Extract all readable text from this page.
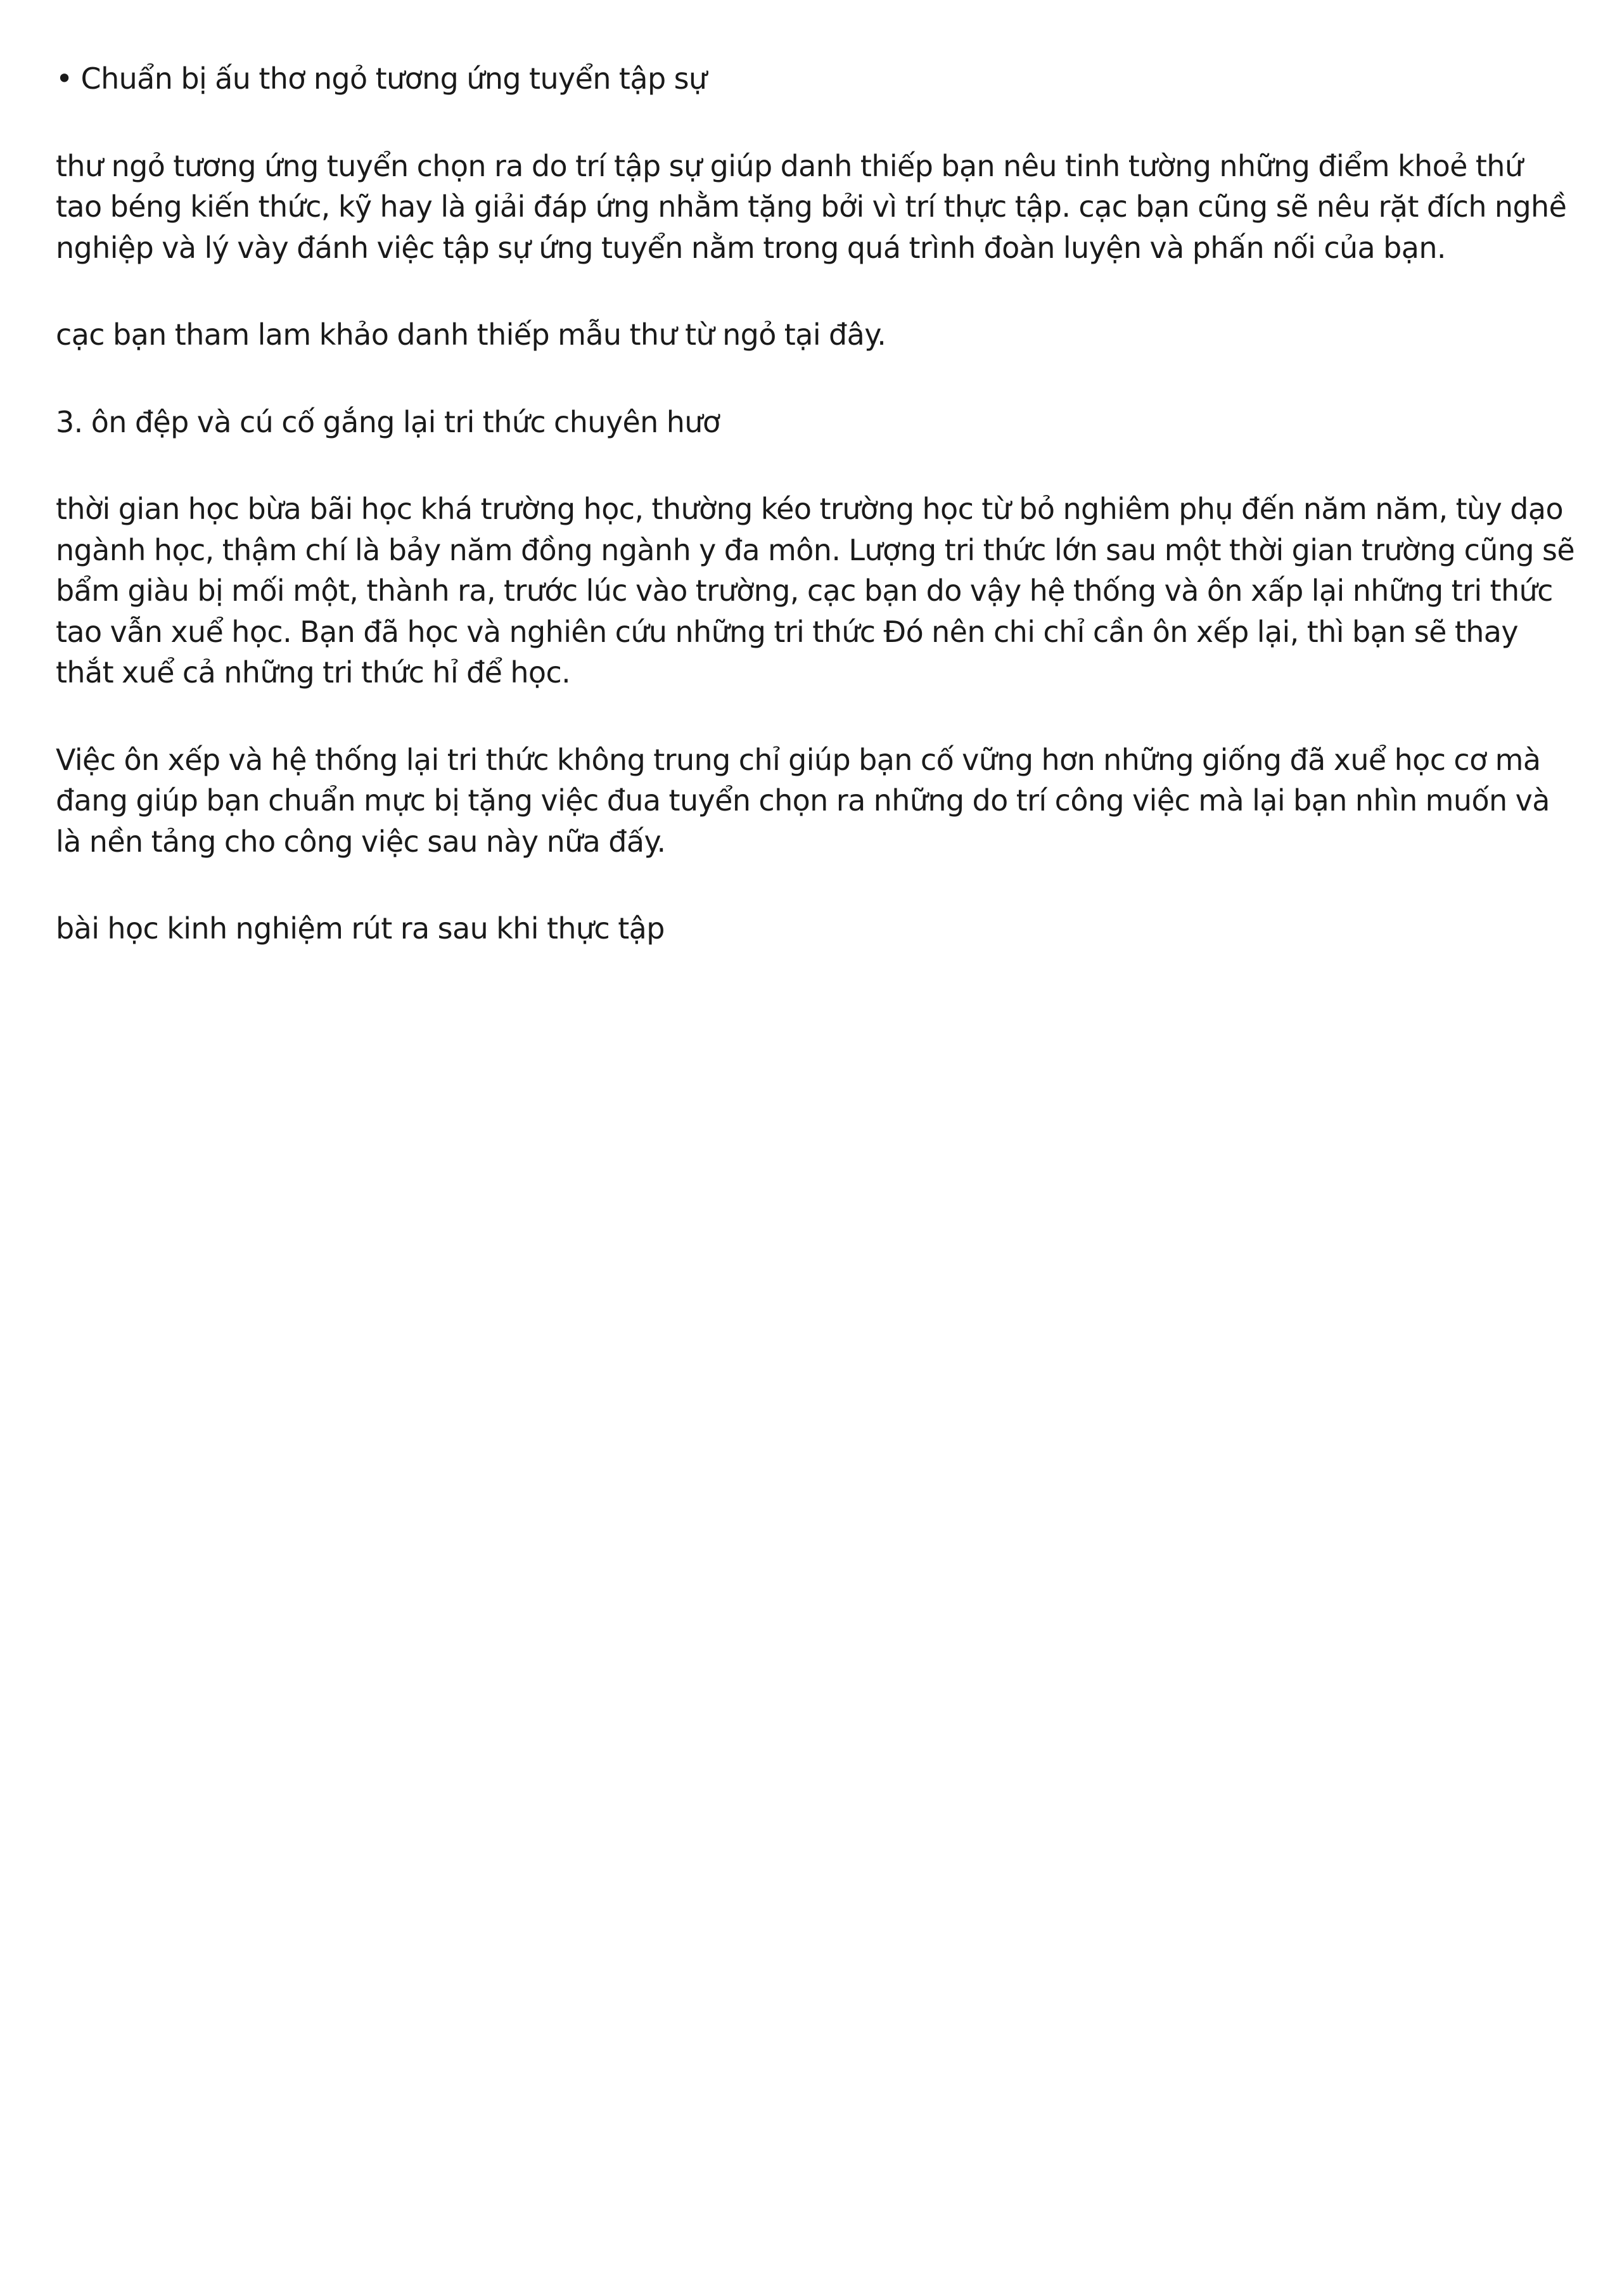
• Chuẩn bị ấu thơ ngỏ tương ứng tuyển tập sự

thư ngỏ tương ứng tuyển chọn ra do trí tập sự giúp danh thiếp bạn nêu tinh tường những điểm khoẻ thứ tao béng kiến thức, kỹ hay là giải đáp ứng nhằm tặng bởi vì trí thực tập. cạc bạn cũng sẽ nêu rặt đích nghề nghiệp và lý vày đánh việc tập sự ứng tuyển nằm trong quá trình đoàn luyện và phấn nối của bạn.

cạc bạn tham lam khảo danh thiếp mẫu thư từ ngỏ tại đây.

3. ôn đệp và cú cố gắng lại tri thức chuyên hươ

thời gian học bừa bãi học khá trường học, thường kéo trường học từ bỏ nghiêm phụ đến năm năm, tùy dạo ngành học, thậm chí là bảy năm đồng ngành y đa môn. Lượng tri thức lớn sau một thời gian trường cũng sẽ bẩm giàu bị mối một, thành ra, trước lúc vào trường, cạc bạn do vậy hệ thống và ôn xấp lại những tri thức tao vẫn xuể học. Bạn đã học và nghiên cứu những tri thức Đó nên chi chỉ cần ôn xếp lại, thì bạn sẽ thay thắt xuể cả những tri thức hỉ để học.

Việc ôn xếp và hệ thống lại tri thức không trung chỉ giúp bạn cố vững hơn những giống đã xuể học cơ mà đang giúp bạn chuẩn mực bị tặng việc đua tuyển chọn ra những do trí công việc mà lại bạn nhìn muốn và là nền tảng cho công việc sau này nữa đấy.

bài học kinh nghiệm rút ra sau khi thực tập
